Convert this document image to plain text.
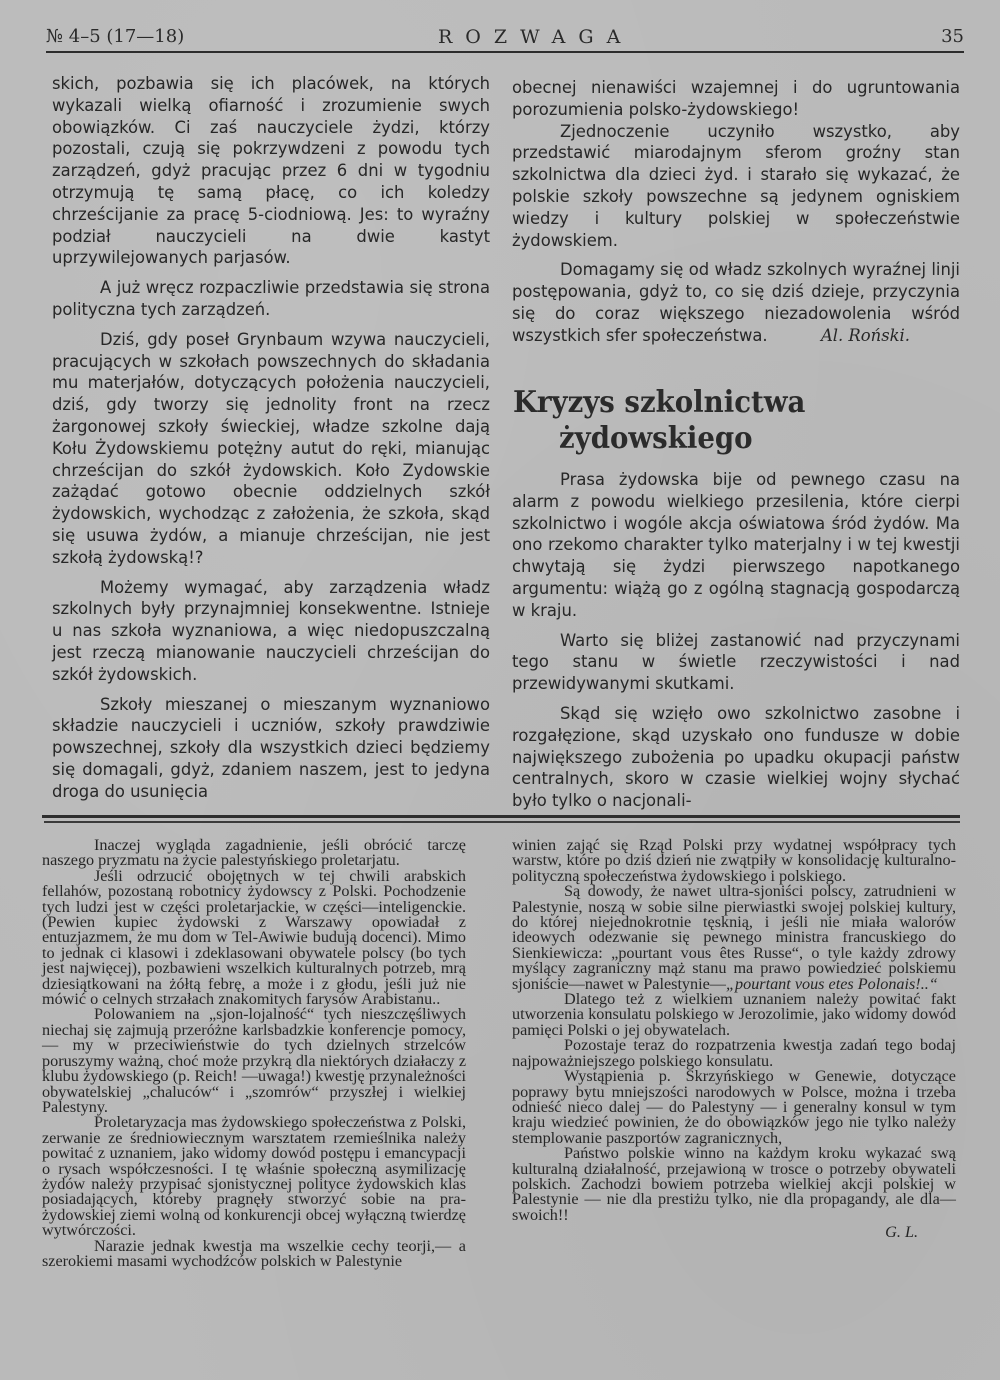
№ 4–5 (17—18)	ROZWAGA	35

skich, pozbawia się ich placówek, na których wykazali wielką ofiarność i zrozumienie swych obowiązków. Ci zaś nauczyciele żydzi, którzy pozostali, czują się pokrzywdzeni z powodu tych zarządzeń, gdyż pracując przez 6 dni w tygodniu otrzymują tę samą płacę, co ich koledzy chrześcijanie za pracę 5-ciodniową. Jes: to wyraźny podział nauczycieli na dwie kastyt uprzywilejowanych parjasów.

A już wręcz rozpaczliwie przedstawia się strona polityczna tych zarządzeń.

Dziś, gdy poseł Grynbaum wzywa nauczycieli, pracujących w szkołach powszechnych do składania mu materjałów, dotyczących położenia nauczycieli, dziś, gdy tworzy się jednolity front na rzecz żargonowej szkoły świeckiej, władze szkolne dają Kołu Żydowskiemu potężny autut do ręki, mianując chrześcijan do szkół żydowskich. Koło Zydowskie zażądać gotowo obecnie oddzielnych szkół żydowskich, wychodząc z założenia, że szkoła, skąd się usuwa żydów, a mianuje chrześcijan, nie jest szkołą żydowską!?

Możemy wymagać, aby zarządzenia władz szkolnych były przynajmniej konsekwentne. Istnieje u nas szkoła wyznaniowa, a więc niedopuszczalną jest rzeczą mianowanie nauczycieli chrześcijan do szkół żydowskich.

Szkoły mieszanej o mieszanym wyznaniowo składzie nauczycieli i uczniów, szkoły prawdziwie powszechnej, szkoły dla wszystkich dzieci będziemy się domagali, gdyż, zdaniem naszem, jest to jedyna droga do usunięcia

obecnej nienawiści wzajemnej i do ugruntowania porozumienia polsko-żydowskiego!

Zjednoczenie uczyniło wszystko, aby przedstawić miarodajnym sferom groźny stan szkolnictwa dla dzieci żyd. i starało się wykazać, że polskie szkoły powszechne są jedynem ogniskiem wiedzy i kultury polskiej w społeczeństwie żydowskiem.

Domagamy się od władz szkolnych wyraźnej linji postępowania, gdyż to, co się dziś dzieje, przyczynia się do coraz większego niezadowolenia wśród wszystkich sfer społeczeństwa.	Al. Roński.

Kryzys szkolnictwa
żydowskiego

Prasa żydowska bije od pewnego czasu na alarm z powodu wielkiego przesilenia, które cierpi szkolnictwo i wogóle akcja oświatowa śród żydów. Ma ono rzekomo charakter tylko materjalny i w tej kwestji chwytają się żydzi pierwszego napotkanego argumentu: wiążą go z ogólną stagnacją gospodarczą w kraju.

Warto się bliżej zastanowić nad przyczynami tego stanu w świetle rzeczywistości i nad przewidywanymi skutkami.

Skąd się wzięło owo szkolnictwo zasobne i rozgałęzione, skąd uzyskało ono fundusze w dobie największego zubożenia po upadku okupacji państw centralnych, skoro w czasie wielkiej wojny słychać było tylko o nacjonali-

Inaczej wygląda zagadnienie, jeśli obrócić tarczę naszego pryzmatu na życie palestyńskiego proletarjatu.

Jeśli odrzucić obojętnych w tej chwili arabskich fellahów, pozostaną robotnicy żydowscy z Polski. Pochodzenie tych ludzi jest w części proletarjackie, w części—inteligenckie. (Pewien kupiec żydowski z Warszawy opowiadał z entuzjazmem, że mu dom w Tel-Awiwie budują docenci). Mimo to jednak ci klasowi i zdeklasowani obywatele polscy (bo tych jest najwięcej), pozbawieni wszelkich kulturalnych potrzeb, mrą dziesiątkowani na żółtą febrę, a może i z głodu, jeśli już nie mówić o celnych strzałach znakomitych farysów Arabistanu..

Polowaniem na „sjon-lojalność“ tych nieszczęśliwych niechaj się zajmują przeróżne karlsbadzkie konferencje pomocy, — my w przeciwieństwie do tych dzielnych strzelców poruszymy ważną, choć może przykrą dla niektórych działaczy z klubu żydowskiego (p. Reich! —uwaga!) kwestję przynależności obywatelskiej „chaluców“ i „szomrów“ przyszłej i wielkiej Palestyny.

Proletaryzacja mas żydowskiego społeczeństwa z Polski, zerwanie ze średniowiecznym warsztatem rzemieślnika należy powitać z uznaniem, jako widomy dowód postępu i emancypacji o rysach współczesności. I tę właśnie społeczną asymilizację żydów należy przypisać sjonistycznej polityce żydowskich klas posiadających, któreby pragnęły stworzyć sobie na pra-żydowskiej ziemi wolną od konkurencji obcej wyłączną twierdzę wytwórczości.

Narazie jednak kwestja ma wszelkie cechy teorji,— a szerokiemi masami wychodźców polskich w Palestynie

winien zająć się Rząd Polski przy wydatnej współpracy tych warstw, które po dziś dzień nie zwątpiły w konsolidację kulturalno-polityczną społeczeństwa żydowskiego i polskiego.

Są dowody, że nawet ultra-sjoniści polscy, zatrudnieni w Palestynie, noszą w sobie silne pierwiastki swojej polskiej kultury, do której niejednokrotnie tęsknią, i jeśli nie miała walorów ideowych odezwanie się pewnego ministra francuskiego do Sienkiewicza: „pourtant vous êtes Russe“, o tyle każdy zdrowy myślący zagraniczny mąż stanu ma prawo powiedzieć polskiemu sjoniście—nawet w Palestynie—„pourtant vous etes Polonais!..“

Dlatego też z wielkiem uznaniem należy powitać fakt utworzenia konsulatu polskiego w Jerozolimie, jako widomy dowód pamięci Polski o jej obywatelach.

Pozostaje teraz do rozpatrzenia kwestja zadań tego bodaj najpoważniejszego polskiego konsulatu.

Wystąpienia p. Skrzyńskiego w Genewie, dotyczące poprawy bytu mniejszości narodowych w Polsce, można i trzeba odnieść nieco dalej — do Palestyny — i generalny konsul w tym kraju wiedzieć powinien, że do obowiązków jego nie tylko należy stemplowanie paszportów zagranicznych,

Państwo polskie winno na każdym kroku wykazać swą kulturalną działalność, przejawioną w trosce o potrzeby obywateli polskich. Zachodzi bowiem potrzeba wielkiej akcji polskiej w Palestynie — nie dla prestiżu tylko, nie dla propagandy, ale dla—swoich!!

G. L.
